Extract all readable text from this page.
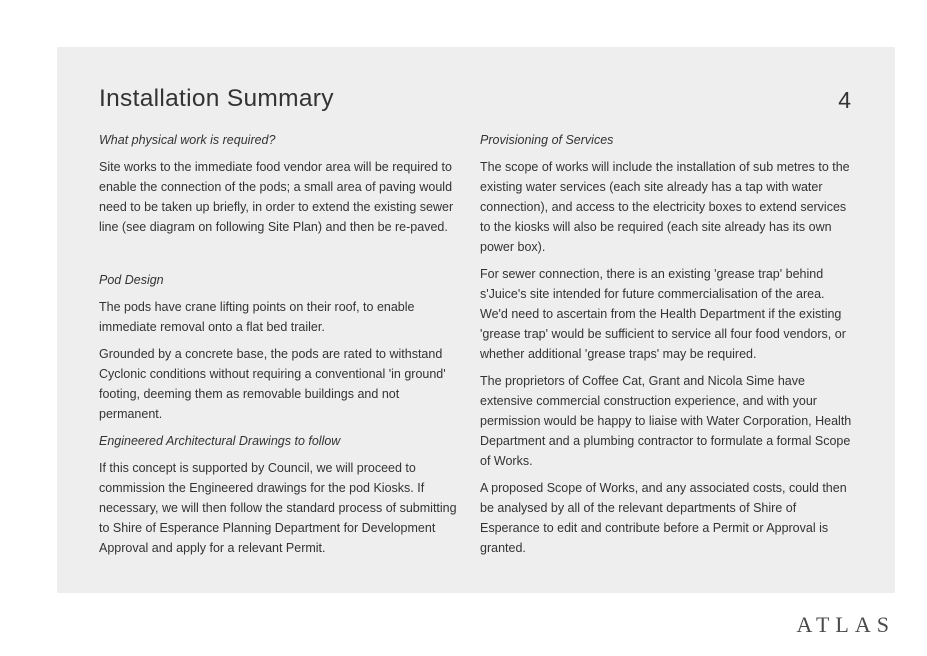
Installation Summary	4
What physical work is required?

Site works to the immediate food vendor area will be required to enable the connection of the pods; a small area of paving would need to be taken up briefly, in order to extend the existing sewer line (see diagram on following Site Plan) and then be re-paved.

Pod Design

The pods have crane lifting points on their roof, to enable immediate removal onto a flat bed trailer.

Grounded by a concrete base, the pods are rated to withstand Cyclonic conditions without requiring a conventional 'in ground' footing, deeming them as removable buildings and not permanent.

Engineered Architectural Drawings to follow

If this concept is supported by Council, we will proceed to commission the Engineered drawings for the pod Kiosks. If necessary, we will then follow the standard process of submitting to Shire of Esperance Planning Department for Development Approval and apply for a relevant Permit.

Provisioning of Services

The scope of works will include the installation of sub metres to the existing water services (each site already has a tap with water connection), and access to the electricity boxes to extend services to the kiosks will also be required (each site already has its own power box).

For sewer connection, there is an existing 'grease trap' behind s'Juice's site intended for future commercialisation of the area. We'd need to ascertain from the Health Department if the existing 'grease trap' would be sufficient to service all four food vendors, or whether additional 'grease traps' may be required.

The proprietors of Coffee Cat, Grant and Nicola Sime have extensive commercial construction experience, and with your permission would be happy to liaise with Water Corporation, Health Department and a plumbing contractor to formulate a formal Scope of Works.

A proposed Scope of Works, and any associated costs, could then be analysed by all of the relevant departments of Shire of Esperance to edit and contribute before a Permit or Approval is granted.

ATLAS
